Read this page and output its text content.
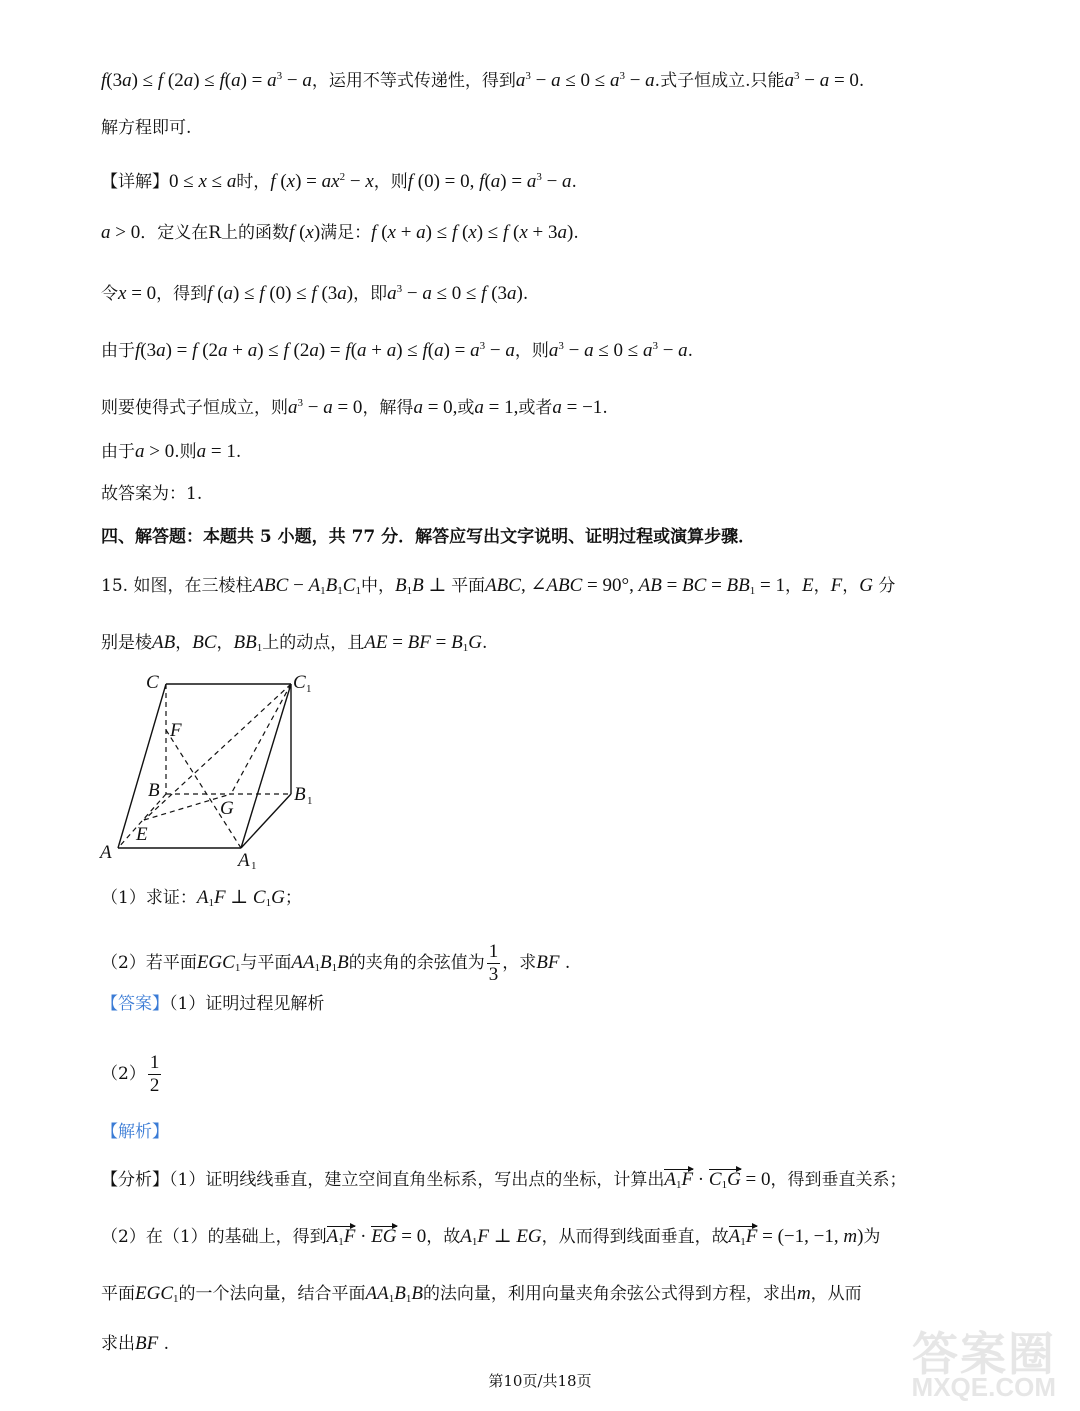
f(3a) ≤ f $(2a) \le f(a) = a^3 - a$，运用不等式传递性，得到$a^3 - a \le 0 \le a^3 - a$.式子恒成立.只能$a^3 - a = 0$.
解方程即可.
【详解】0 ≤ x ≤ a时，f $(x) = ax^2 - x$，则f (0) = 0, $f(a) = a^3 - a$.
a > 0．定义在R上的函数f (x)满足：f (x + a) ≤ f (x) ≤ f (x + 3a).
令x = 0，得到f (a) ≤ f (0) ≤ f (3a)，即$a^3 - a \le 0 \le f$ (3a).
由于f(3a) = f (2a + a) ≤ f $(2a) = f(a + a) \le f(a) = a^3 - a$，则$a^3 - a \le 0 \le a^3 - a$.
则要使得式子恒成立，则$a^3 - a = 0$，解得a = 0,或a = 1,或者a = −1.
由于a > 0.则a = 1.
故答案为：1.
四、解答题：本题共 5 小题，共 77 分．解答应写出文字说明、证明过程或演算步骤．
15. 如图，在三棱柱ABC − $A_1B_1C_1$中，$B_1B$ ⊥ 平面ABC, ∠ABC = 90°, AB = BC = $BB_1 = 1$，E，F，G 分
别是棱AB，BC，$BB_1$上的动点，且AE = BF = $B_1G$.
C	C 1
F
B
G
B 1
E
A	A 1
（1）求证：$A_1F$ ⊥ $C_1G$；
（2）若平面$EGC_1$与平面$AA_1B_1B$的夹角的余弦值为 $\frac{1}{3}$ ，求BF .
【答案】（1）证明过程见解析
$(2) \frac{1}{2}$
【解析】
【分析】（1）证明线线垂直，建立空间直角坐标系，写出点的坐标，计算出$A_1F \cdot C_1G = 0$，得到垂直关系；
（2）在（1）的基础上，得到$A_1F$ · EG = 0，故$A_1F$ ⊥ EG，从而得到线面垂直，故$A_1F = (-1$, −1, m)为
平面$EGC_1$的一个法向量，结合平面$AA_1B_1B$的法向量，利用向量夹角余弦公式得到方程，求出m，从而
求出BF .	答案圈
MXQE.COM
第10页/共18页
